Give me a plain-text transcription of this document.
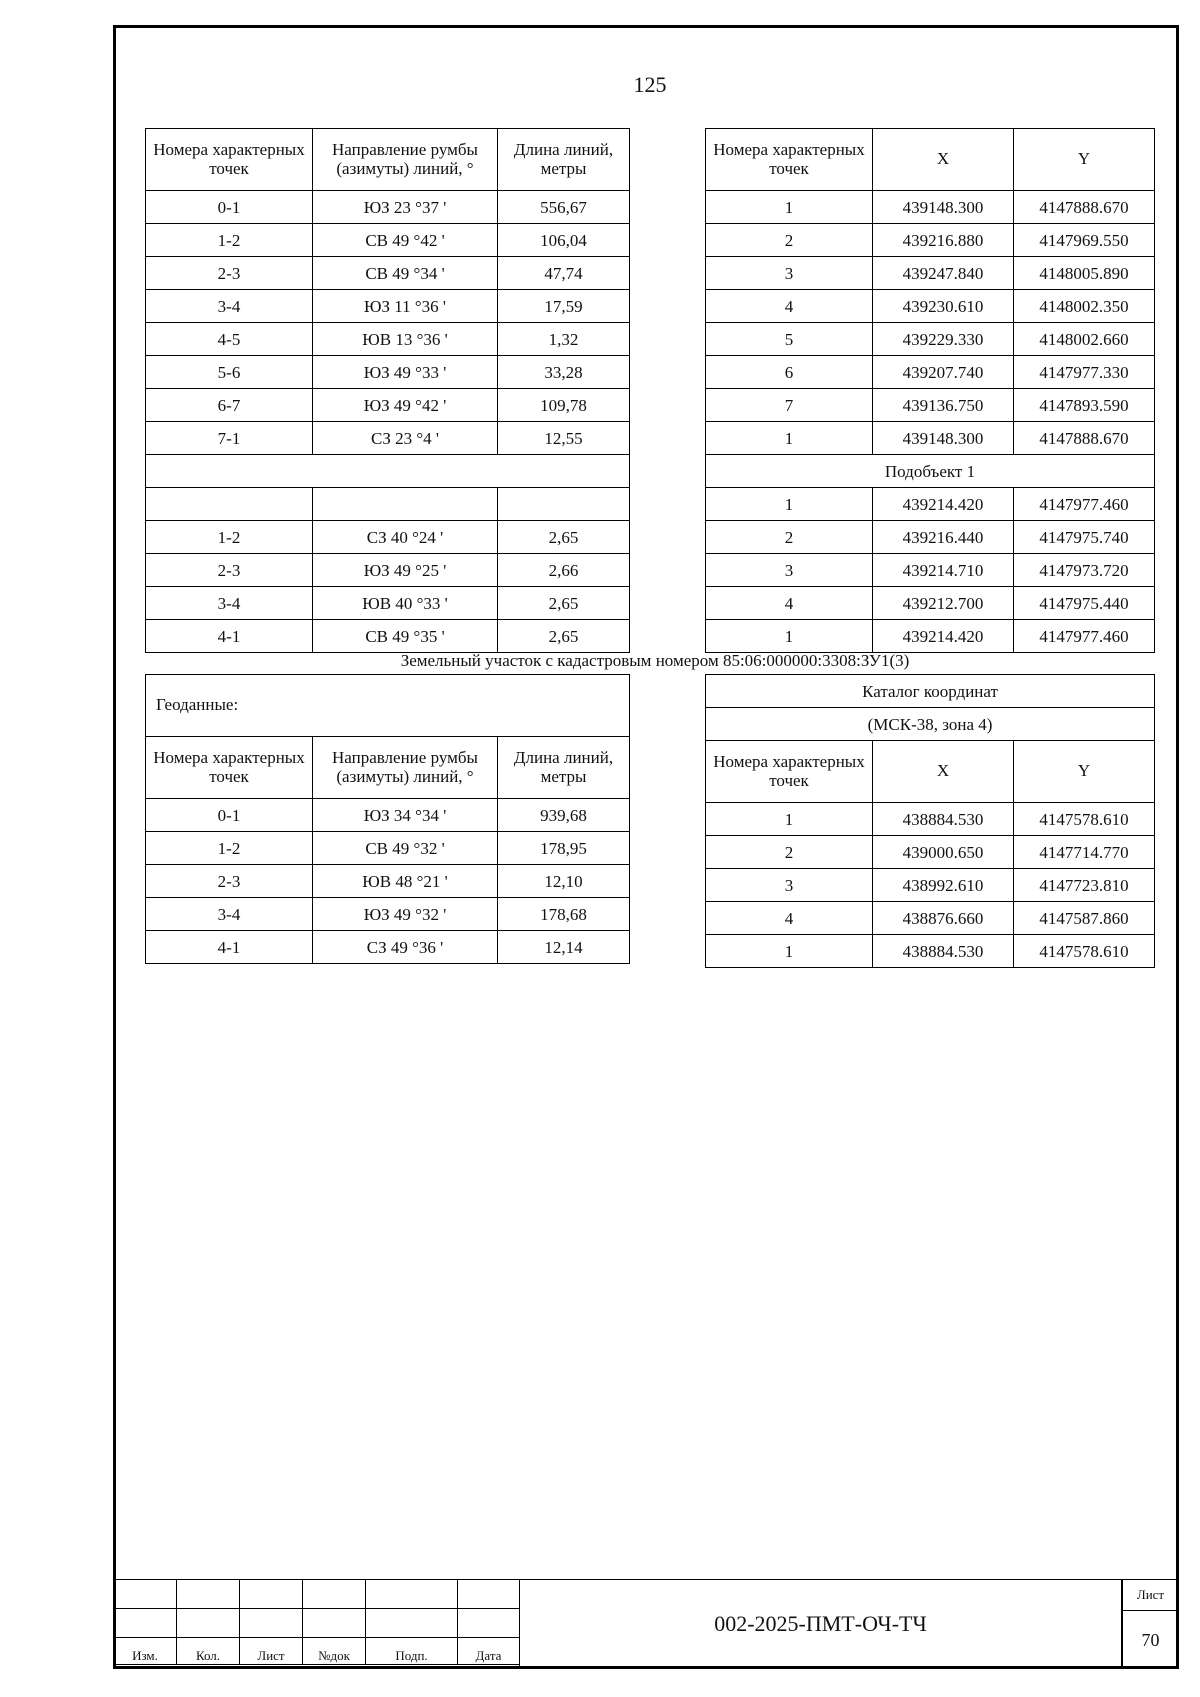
125
Номера характерных точек	Направление румбы (азимуты) линий, °	Длина линий, метры
0-1	ЮЗ 23 °37 '	556,67
1-2	СВ 49 °42 '	106,04
2-3	СВ 49 °34 '	47,74
3-4	ЮЗ 11 °36 '	17,59
4-5	ЮВ 13 °36 '	1,32
5-6	ЮЗ 49 °33 '	33,28
6-7	ЮЗ 49 °42 '	109,78
7-1	СЗ 23 °4 '	12,55

1-2	СЗ 40 °24 '	2,65
2-3	ЮЗ 49 °25 '	2,66
3-4	ЮВ 40 °33 '	2,65
4-1	СВ 49 °35 '	2,65
Номера характерных точек	X	Y
1	439148.300	4147888.670
2	439216.880	4147969.550
3	439247.840	4148005.890
4	439230.610	4148002.350
5	439229.330	4148002.660
6	439207.740	4147977.330
7	439136.750	4147893.590
1	439148.300	4147888.670
Подобъект 1		
1	439214.420	4147977.460
2	439216.440	4147975.740
3	439214.710	4147973.720
4	439212.700	4147975.440
1	439214.420	4147977.460
Земельный участок с кадастровым номером 85:06:000000:3308:ЗУ1(3)
Геоданные:		
Номера характерных точек	Направление румбы (азимуты) линий, °	Длина линий, метры
0-1	ЮЗ 34 °34 '	939,68
1-2	СВ 49 °32 '	178,95
2-3	ЮВ 48 °21 '	12,10
3-4	ЮЗ 49 °32 '	178,68
4-1	СЗ 49 °36 '	12,14
Каталог координат		
(МСК-38, зона 4)		
Номера характерных точек	X	Y
1	438884.530	4147578.610
2	439000.650	4147714.770
3	438992.610	4147723.810
4	438876.660	4147587.860
1	438884.530	4147578.610

Изм.	Кол.	Лист	№док	Подп.	Дата
002-2025-ПМТ-ОЧ-ТЧ
Лист
70
